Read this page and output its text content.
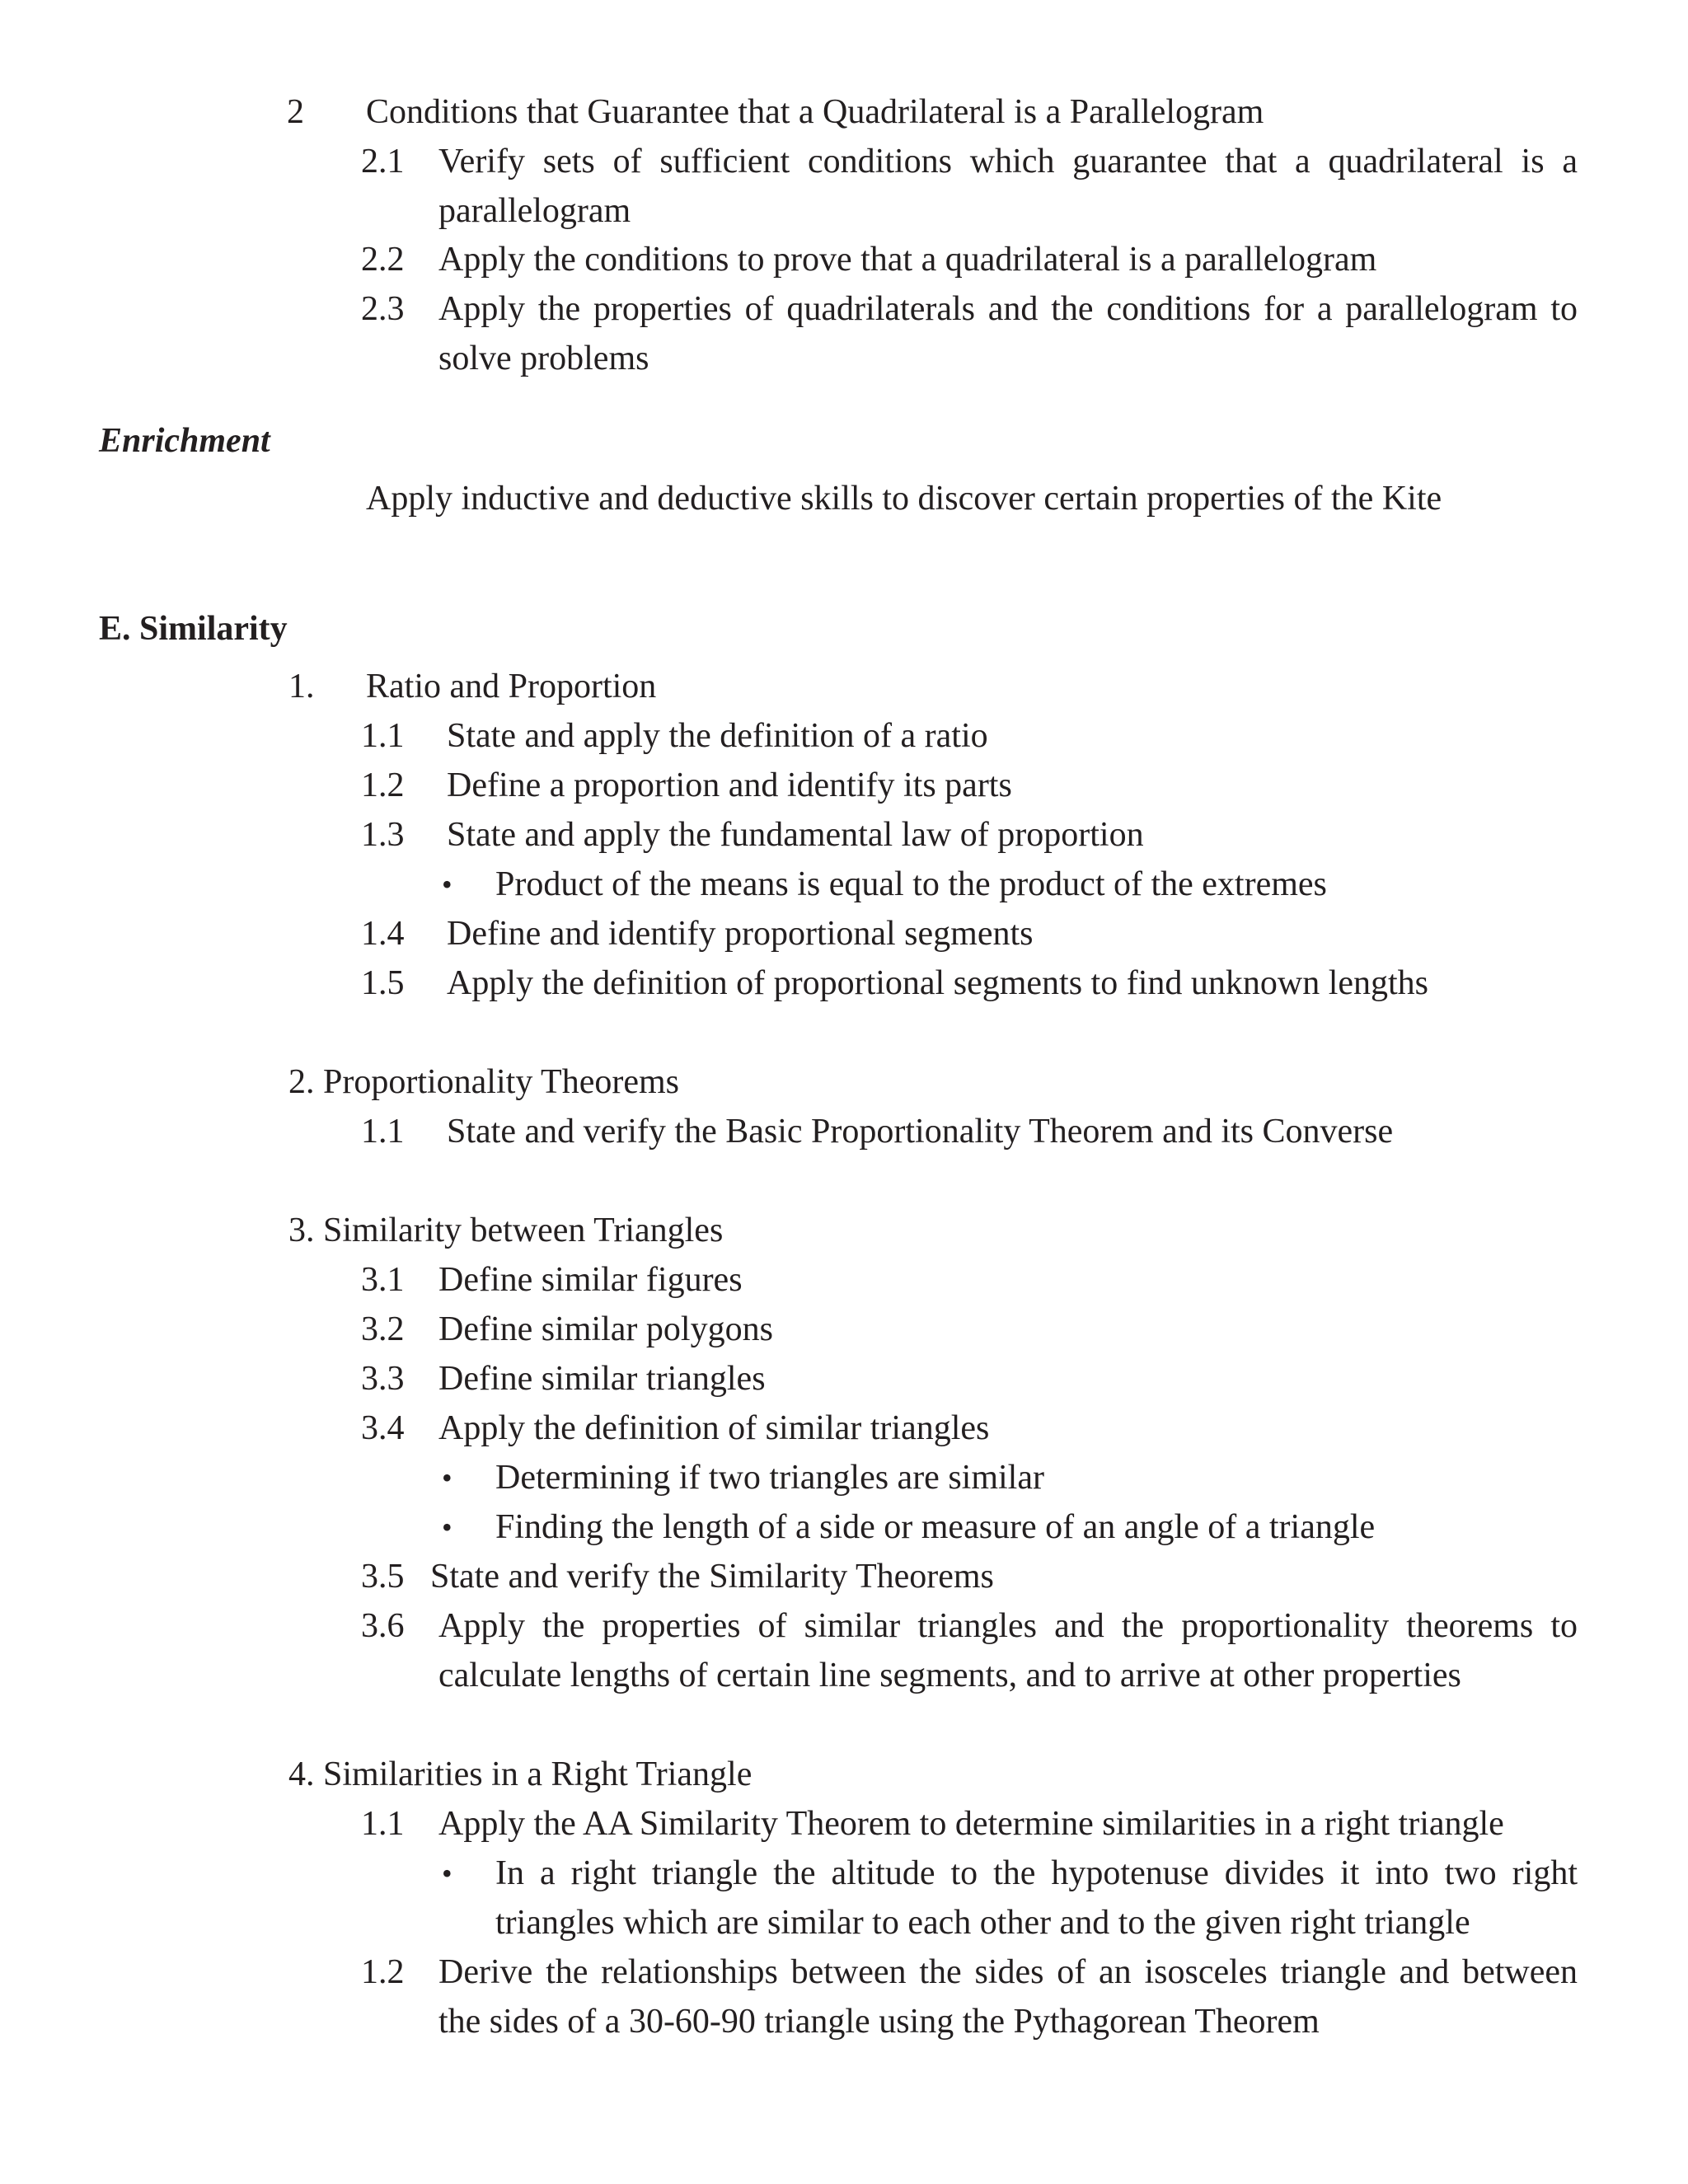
2 Conditions that Guarantee that a Quadrilateral is a Parallelogram
2.1 Verify sets of sufficient conditions which guarantee that a quadrilateral is a
parallelogram
2.2 Apply the conditions to prove that a quadrilateral is a parallelogram
2.3 Apply the properties of quadrilaterals and the conditions for a parallelogram to
solve problems
Enrichment
Apply inductive and deductive skills to discover certain properties of the Kite
E. Similarity
1. Ratio and Proportion
1.1 State and apply the definition of a ratio
1.2 Define a proportion and identify its parts
1.3 State and apply the fundamental law of proportion
• Product of the means is equal to the product of the extremes
1.4 Define and identify proportional segments
1.5 Apply the definition of proportional segments to find unknown lengths
2. Proportionality Theorems
1.1 State and verify the Basic Proportionality Theorem and its Converse
3. Similarity between Triangles
3.1 Define similar figures
3.2 Define similar polygons
3.3 Define similar triangles
3.4 Apply the definition of similar triangles
• Determining if two triangles are similar
• Finding the length of a side or measure of an angle of a triangle
3.5 State and verify the Similarity Theorems
3.6 Apply the properties of similar triangles and the proportionality theorems to
calculate lengths of certain line segments, and to arrive at other properties
4. Similarities in a Right Triangle
1.1 Apply the AA Similarity Theorem to determine similarities in a right triangle
• In a right triangle the altitude to the hypotenuse divides it into two right
triangles which are similar to each other and to the given right triangle
1.2 Derive the relationships between the sides of an isosceles triangle and between
the sides of a 30-60-90 triangle using the Pythagorean Theorem
